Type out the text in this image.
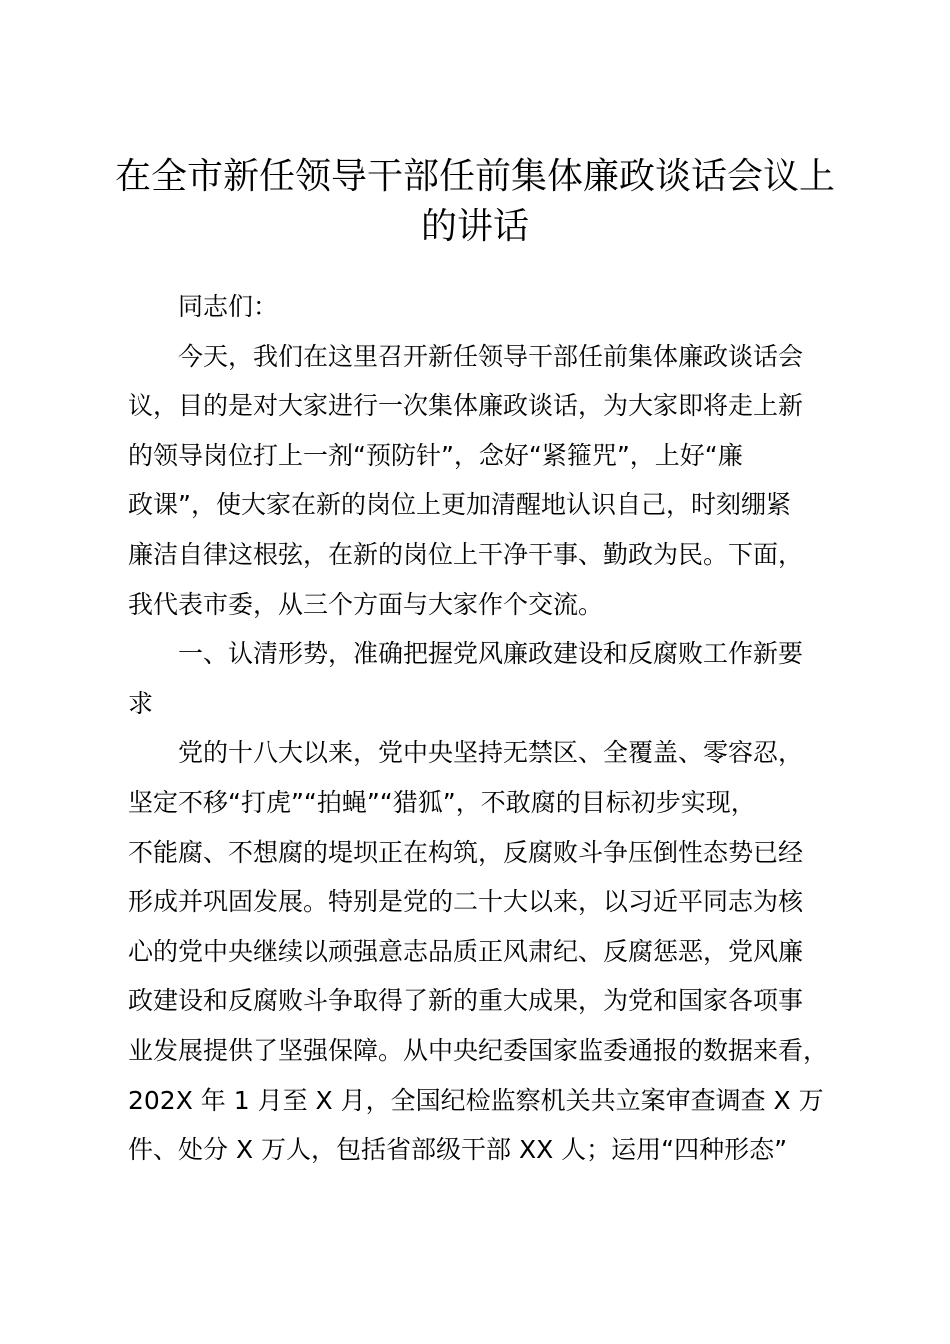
在全市新任领导干部任前集体廉政谈话会议上
的讲话
同志们：
今天，我们在这里召开新任领导干部任前集体廉政谈话会
议，目的是对大家进行一次集体廉政谈话，为大家即将走上新
的领导岗位打上一剂“预防针”，念好“紧箍咒”，上好“廉
政课”，使大家在新的岗位上更加清醒地认识自己，时刻绷紧
廉洁自律这根弦，在新的岗位上干净干事、勤政为民。下面，
我代表市委，从三个方面与大家作个交流。
一、认清形势，准确把握党风廉政建设和反腐败工作新要
求
党的十八大以来，党中央坚持无禁区、全覆盖、零容忍，
坚定不移“打虎”“拍蝇”“猎狐”，不敢腐的目标初步实现，
不能腐、不想腐的堤坝正在构筑，反腐败斗争压倒性态势已经
形成并巩固发展。特别是党的二十大以来，以习近平同志为核
心的党中央继续以顽强意志品质正风肃纪、反腐惩恶，党风廉
政建设和反腐败斗争取得了新的重大成果，为党和国家各项事
业发展提供了坚强保障。从中央纪委国家监委通报的数据来看，
202X 年 1 月至 X 月，全国纪检监察机关共立案审查调查 X 万
件、处分 X 万人，包括省部级干部 XX 人；运用“四种形态”
